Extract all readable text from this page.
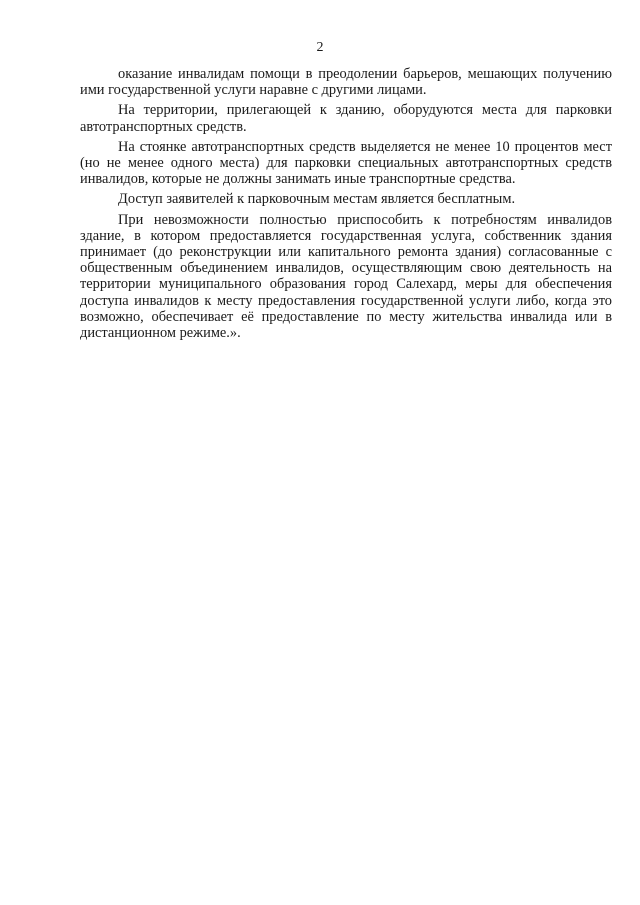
2

оказание инвалидам помощи в преодолении барьеров, мешающих получению ими государственной услуги наравне с другими лицами.

На территории, прилегающей к зданию, оборудуются места для парковки автотранспортных средств.

На стоянке автотранспортных средств выделяется не менее 10 процентов мест (но не менее одного места) для парковки специальных автотранспортных средств инвалидов, которые не должны занимать иные транспортные средства.

Доступ заявителей к парковочным местам является бесплатным.

При невозможности полностью приспособить к потребностям инвалидов здание, в котором предоставляется государственная услуга, собственник здания принимает (до реконструкции или капитального ремонта здания) согласованные с общественным объединением инвалидов, осуществляющим свою деятельность на территории муниципального образования город Салехард, меры для обеспечения доступа инвалидов к месту предоставления государственной услуги либо, когда это возможно, обеспечивает её предоставление по месту жительства инвалида или в дистанционном режиме.».
